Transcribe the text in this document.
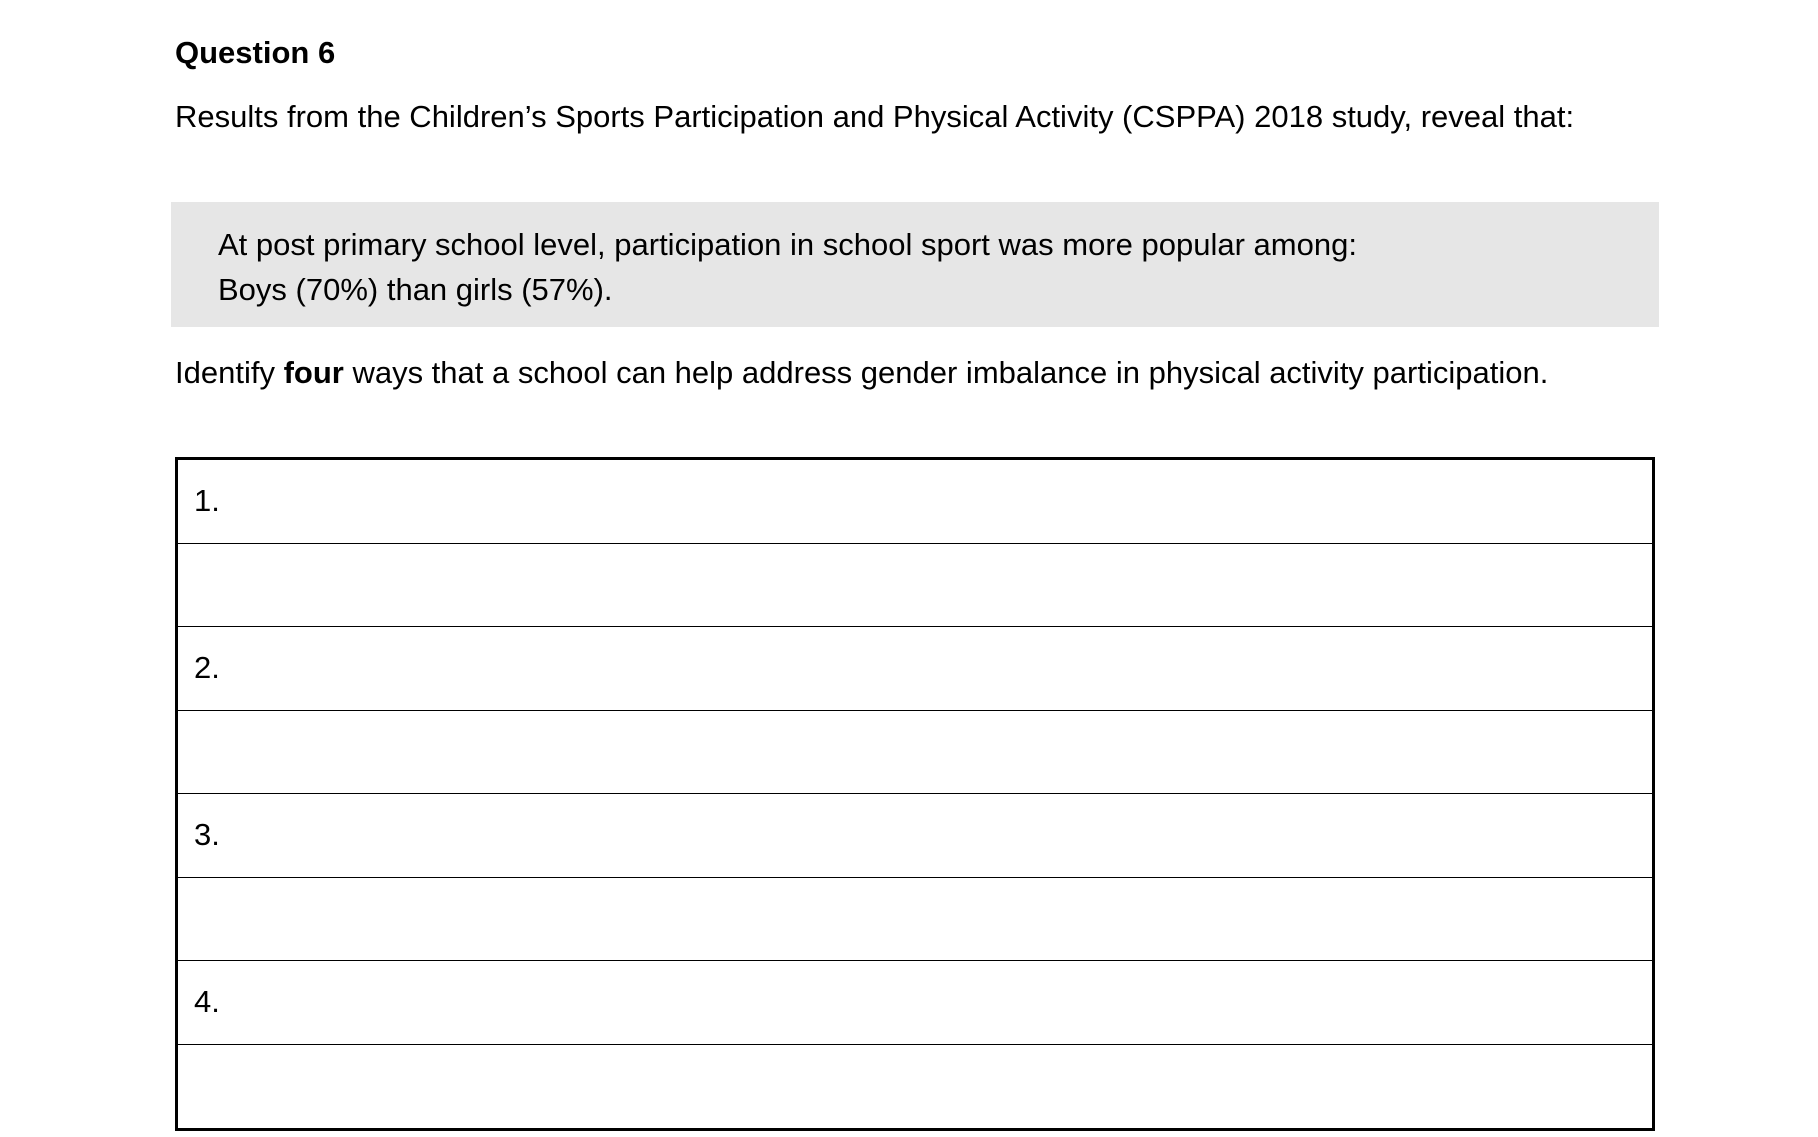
Question 6
Results from the Children’s Sports Participation and Physical Activity (CSPPA) 2018 study, reveal that:
At post primary school level, participation in school sport was more popular among:
Boys (70%) than girls (57%).
Identify four ways that a school can help address gender imbalance in physical activity participation.
1.
2.
3.
4.
